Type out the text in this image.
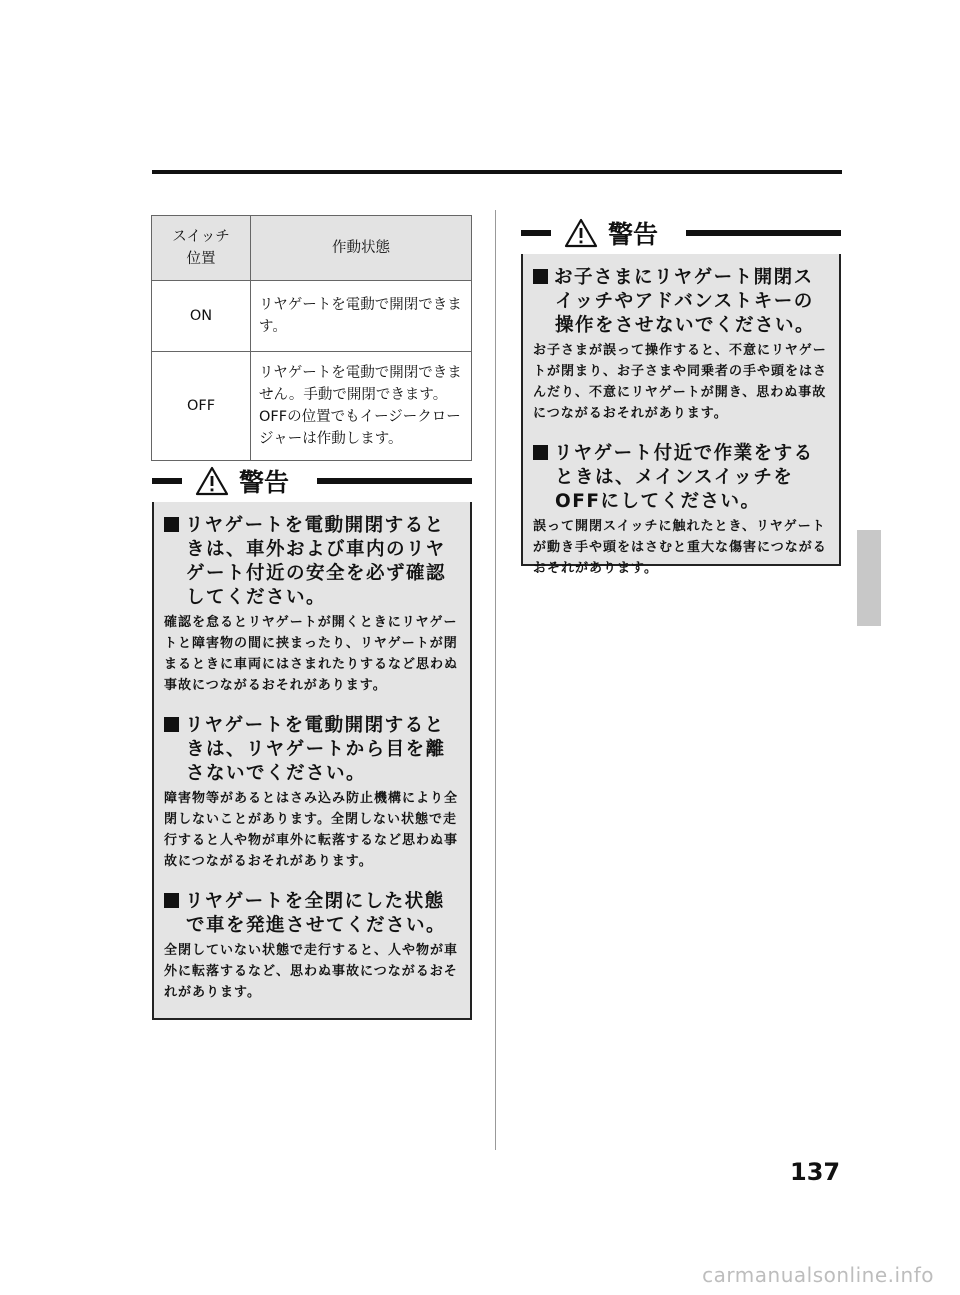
スイッチ
位置	作動状態
ON	リヤゲートを電動で開閉できます。
OFF	リヤゲートを電動で開閉できません。手動で開閉できます。OFFの位置でもイージークロージャーは作動します。
警告

リヤゲートを電動開閉するときは、車外および車内のリヤゲート付近の安全を必ず確認してください。

確認を怠るとリヤゲートが開くときにリヤゲートと障害物の間に挟まったり、リヤゲートが閉まるときに車両にはさまれたりするなど思わぬ事故につながるおそれがあります。

リヤゲートを電動開閉するときは、リヤゲートから目を離さないでください。

障害物等があるとはさみ込み防止機構により全閉しないことがあります。全閉しない状態で走行すると人や物が車外に転落するなど思わぬ事故につながるおそれがあります。

リヤゲートを全閉にした状態で車を発進させてください。

全閉していない状態で走行すると、人や物が車外に転落するなど、思わぬ事故につながるおそれがあります。

警告

お子さまにリヤゲート開閉スイッチやアドバンストキーの操作をさせないでください。

お子さまが誤って操作すると、不意にリヤゲートが閉まり、お子さまや同乗者の手や頭をはさんだり、不意にリヤゲートが開き、思わぬ事故につながるおそれがあります。

リヤゲート付近で作業をするときは、メインスイッチをOFFにしてください。

誤って開閉スイッチに触れたとき、リヤゲートが動き手や頭をはさむと重大な傷害につながるおそれがあります。

137
carmanualsonline.info
